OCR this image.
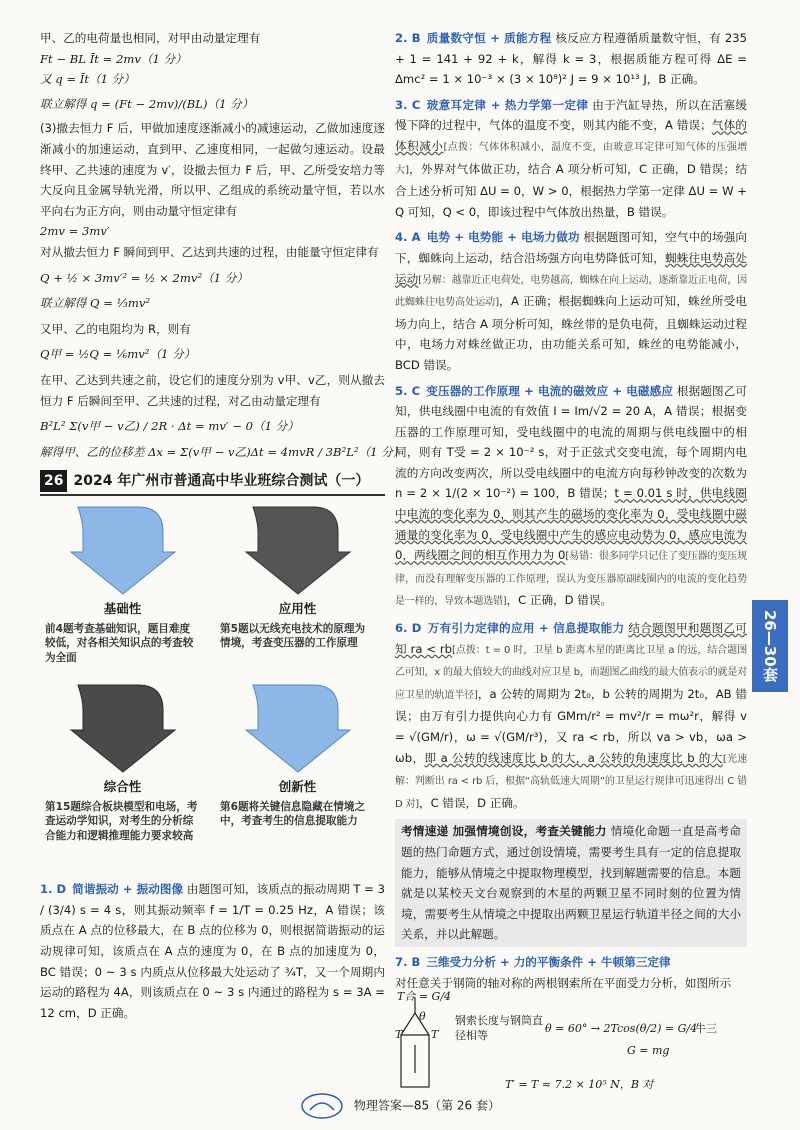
甲、乙的电荷量也相同，对甲由动量定理有

Ft − BL Īt = 2mv（1 分）

又 q = Īt（1 分）

联立解得 q = (Ft − 2mv)/(BL)（1 分）

(3)撤去恒力 F 后，甲做加速度逐渐减小的减速运动，乙做加速度逐渐减小的加速运动，直到甲、乙速度相同，一起做匀速运动。设最终甲、乙共速的速度为 v′，设撤去恒力 F 后，甲、乙所受安培力等大反向且金属导轨光滑，所以甲、乙组成的系统动量守恒，若以水平向右为正方向，则由动量守恒定律有

2mv = 3mv′

对从撤去恒力 F 瞬间到甲、乙达到共速的过程，由能量守恒定律有

Q + ½ × 3mv′² = ½ × 2mv²（1 分）

联立解得 Q = ⅓mv²

又甲、乙的电阻均为 R，则有

Q甲 = ½Q = ⅙mv²（1 分）

在甲、乙达到共速之前，设它们的速度分别为 v甲、v乙，则从撤去恒力 F 后瞬间至甲、乙共速的过程，对乙由动量定理有

B²L² Σ(v甲 − v乙) / 2R · Δt = mv′ − 0（1 分）

解得甲、乙的位移差 Δx = Σ(v甲 − v乙)Δt = 4mvR / 3B²L²（1 分）

26 2024 年广州市普通高中毕业班综合测试（一）
基础性
前4题考查基础知识，题目难度较低，对各相关知识点的考查较为全面
应用性
第5题以无线充电技术的原理为情境，考查变压器的工作原理
综合性
第15题综合板块模型和电场，考查运动学知识，对考生的分析综合能力和逻辑推理能力要求较高
创新性
第6题将关键信息隐藏在情境之中，考查考生的信息提取能力

1. D 简谐振动 + 振动图像 由题图可知，该质点的振动周期 T = 3 / (3/4) s = 4 s，则其振动频率 f = 1/T = 0.25 Hz，A 错误；该质点在 A 点的位移最大，在 B 点的位移为 0，则根据简谐振动的运动规律可知，该质点在 A 点的速度为 0，在 B 点的加速度为 0，BC 错误；0 ~ 3 s 内质点从位移最大处运动了 ¾T，又一个周期内运动的路程为 4A，则该质点在 0 ~ 3 s 内通过的路程为 s = 3A = 12 cm，D 正确。

2. B 质量数守恒 + 质能方程 核反应方程遵循质量数守恒，有 235 + 1 = 141 + 92 + k，解得 k = 3，根据质能方程可得 ΔE = Δmc² = 1 × 10⁻³ × (3 × 10⁸)² J = 9 × 10¹³ J，B 正确。

3. C 玻意耳定律 + 热力学第一定律 由于汽缸导热，所以在活塞缓慢下降的过程中，气体的温度不变，则其内能不变，A 错误；气体的体积减小[点拨：气体体积减小，温度不变，由玻意耳定律可知气体的压强增大]，外界对气体做正功，结合 A 项分析可知，C 正确，D 错误；结合上述分析可知 ΔU = 0，W > 0，根据热力学第一定律 ΔU = W + Q 可知，Q < 0，即该过程中气体放出热量，B 错误。

4. A 电势 + 电势能 + 电场力做功 根据题图可知，空气中的场强向下，蜘蛛向上运动，结合沿场强方向电势降低可知，蜘蛛往电势高处运动[另解：越靠近正电荷处，电势越高，蜘蛛在向上运动，逐渐靠近正电荷，因此蜘蛛往电势高处运动]，A 正确；根据蜘蛛向上运动可知，蛛丝所受电场力向上，结合 A 项分析可知，蛛丝带的是负电荷，且蜘蛛运动过程中，电场力对蛛丝做正功，由功能关系可知，蛛丝的电势能减小，BCD 错误。

5. C 变压器的工作原理 + 电流的磁效应 + 电磁感应 根据题图乙可知，供电线圈中电流的有效值 I = Im/√2 = 20 A，A 错误；根据变压器的工作原理可知，受电线圈中的电流的周期与供电线圈中的相同，则有 T受 = 2 × 10⁻² s，对于正弦式交变电流，每个周期内电流的方向改变两次，所以受电线圈中的电流方向每秒钟改变的次数为 n = 2 × 1/(2 × 10⁻²) = 100，B 错误；t = 0.01 s 时，供电线圈中电流的变化率为 0，则其产生的磁场的变化率为 0，受电线圈中磁通量的变化率为 0，受电线圈中产生的感应电动势为 0，感应电流为 0，两线圈之间的相互作用力为 0[易错：很多同学只记住了变压器的变压规律，而没有理解变压器的工作原理，误认为变压器原副线圈内的电流的变化趋势是一样的，导致本题选错]，C 正确，D 错误。

6. D 万有引力定律的应用 + 信息提取能力 结合题图甲和题图乙可知 ra < rb[点拨：t = 0 时，卫星 b 距离木星的距离比卫星 a 的远，结合题图乙可知，x 的最大值较大的曲线对应卫星 b，而题图乙曲线的最大值表示的就是对应卫星的轨道半径]，a 公转的周期为 2t₀，b 公转的周期为 2t₀，AB 错误；由万有引力提供向心力有 GMm/r² = mv²/r = mω²r，解得 v = √(GM/r)，ω = √(GM/r³)，又 ra < rb，所以 va > vb，ωa > ωb，即 a 公转的线速度比 b 的大，a 公转的角速度比 b 的大[光速解：判断出 ra < rb 后，根据“高轨低速大周期”的卫星运行规律可迅速得出 C 错 D 对]，C 错误，D 正确。

考情速递 加强情境创设，考查关键能力 情境化命题一直是高考命题的热门命题方式，通过创设情境，需要考生具有一定的信息提取能力，能够从情境之中提取物理模型，找到解题需要的信息。本题就是以某校天文台观察到的木星的两颗卫星不同时刻的位置为情境，需要考生从情境之中提取出两颗卫星运行轨道半径之间的大小关系，并以此解题。

7. B 三维受力分析 + 力的平衡条件 + 牛顿第三定律

对任意关于钢筒的轴对称的两根钢索所在平面受力分析，如图所示

T合 = G/4
T	T
θ	钢索长度与钢筒直径相等
θ = 60° → 2Tcos(θ/2) = G/4
G = mg
牛三
T′ = T ≈ 7.2 × 10⁵ N，B 对
26—30套
物理答案—85（第 26 套）
